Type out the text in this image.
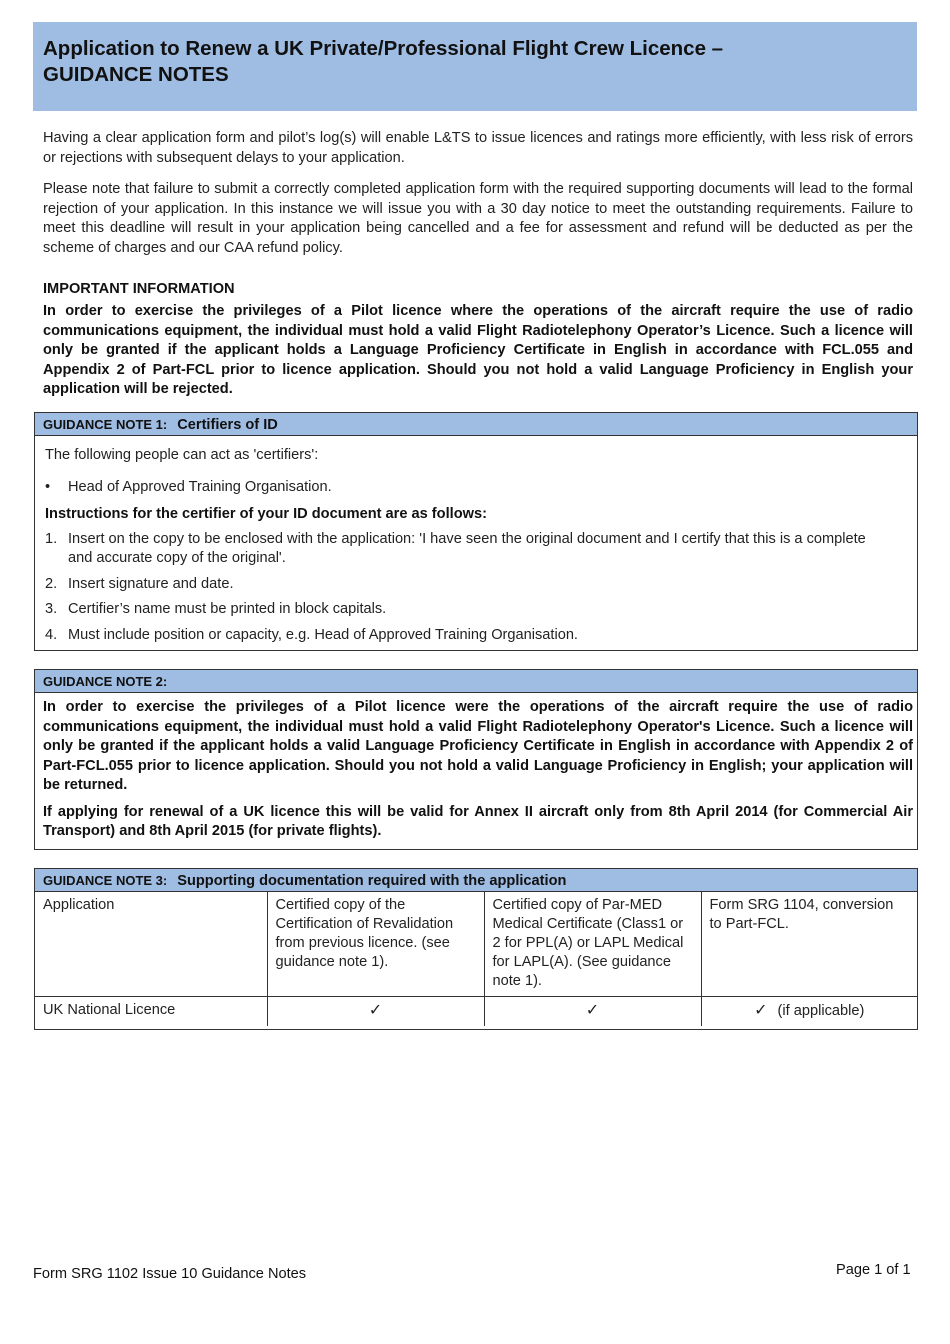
Application to Renew a UK Private/Professional Flight Crew Licence –
GUIDANCE NOTES

Having a clear application form and pilot’s log(s) will enable L&TS to issue licences and ratings more efficiently, with less risk of errors or rejections with subsequent delays to your application.

Please note that failure to submit a correctly completed application form with the required supporting documents will lead to the formal rejection of your application. In this instance we will issue you with a 30 day notice to meet the outstanding requirements. Failure to meet this deadline will result in your application being cancelled and a fee for assessment and refund will be deducted as per the scheme of charges and our CAA refund policy.

IMPORTANT INFORMATION

In order to exercise the privileges of a Pilot licence where the operations of the aircraft require the use of radio communications equipment, the individual must hold a valid Flight Radiotelephony Operator’s Licence. Such a licence will only be granted if the applicant holds a Language Proficiency Certificate in English in accordance with FCL.055 and Appendix 2 of Part-FCL prior to licence application. Should you not hold a valid Language Proficiency in English your application will be rejected.

GUIDANCE NOTE 1: Certifiers of ID

The following people can act as 'certifiers':

• Head of Approved Training Organisation.

Instructions for the certifier of your ID document are as follows:

1. Insert on the copy to be enclosed with the application: 'I have seen the original document and I certify that this is a complete and accurate copy of the original'.

2. Insert signature and date.

3. Certifier’s name must be printed in block capitals.

4. Must include position or capacity, e.g. Head of Approved Training Organisation.

GUIDANCE NOTE 2:

In order to exercise the privileges of a Pilot licence were the operations of the aircraft require the use of radio communications equipment, the individual must hold a valid Flight Radiotelephony Operator's Licence. Such a licence will only be granted if the applicant holds a valid Language Proficiency Certificate in English in accordance with Appendix 2 of Part-FCL.055 prior to licence application. Should you not hold a valid Language Proficiency in English; your application will be returned.

If applying for renewal of a UK licence this will be valid for Annex II aircraft only from 8th April 2014 (for Commercial Air Transport) and 8th April 2015 (for private flights).

GUIDANCE NOTE 3: Supporting documentation required with the application
Application	Certified copy of the Certification of Revalidation from previous licence. (see guidance note 1).	Certified copy of Par-MED Medical Certificate (Class1 or 2 for PPL(A) or LAPL Medical for LAPL(A). (See guidance note 1).	Form SRG 1104, conversion to Part-FCL.
UK National Licence	✓	✓	✓ (if applicable)
Form SRG 1102 Issue 10 Guidance Notes	Page 1 of 1
